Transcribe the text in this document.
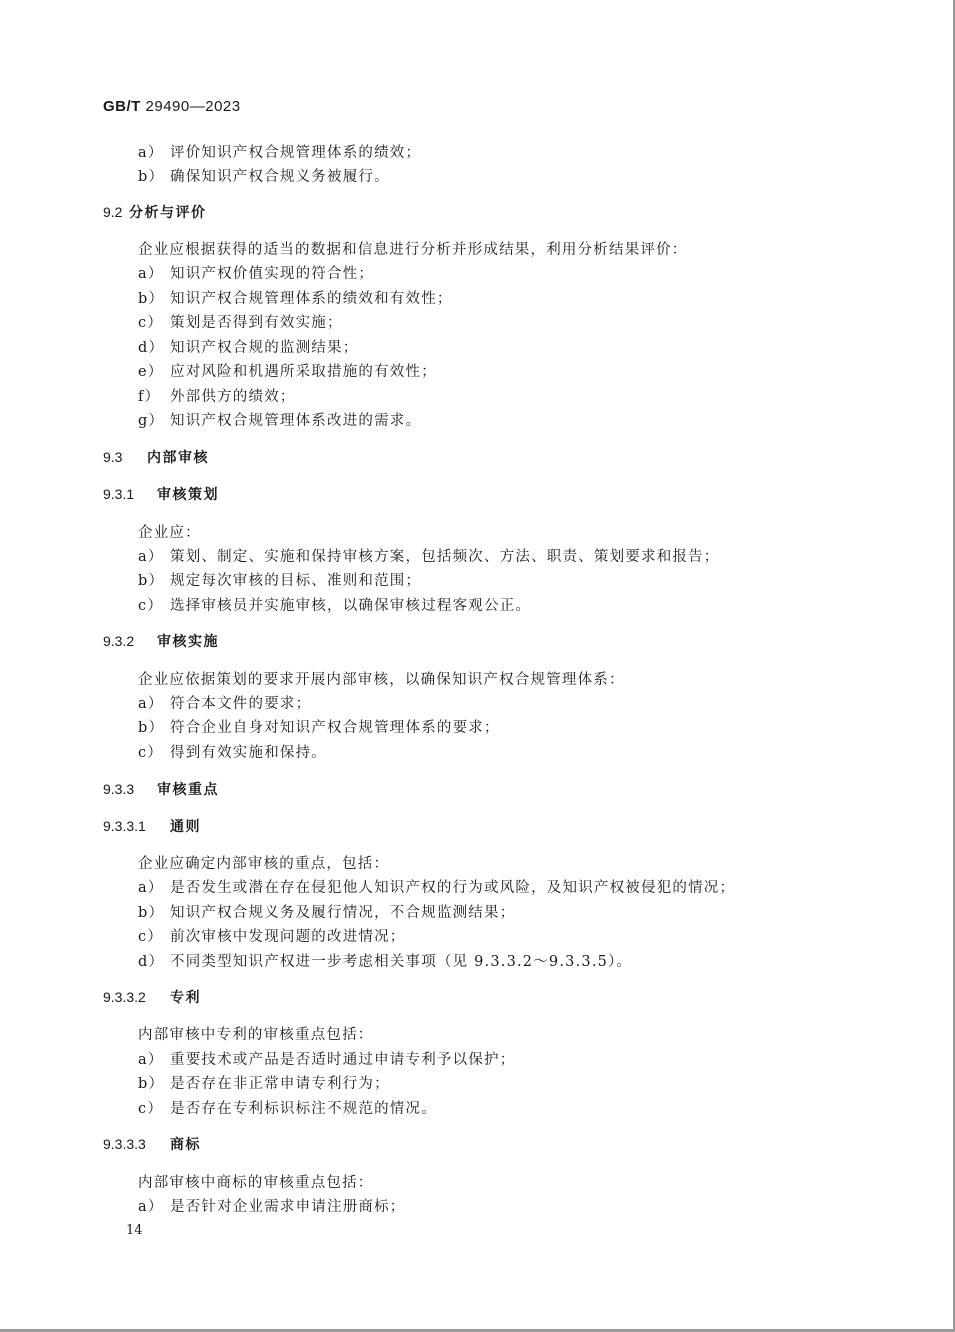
GB/T 29490—2023
a） 评价知识产权合规管理体系的绩效；
b） 确保知识产权合规义务被履行。
9.2 分析与评价
企业应根据获得的适当的数据和信息进行分析并形成结果，利用分析结果评价：
a） 知识产权价值实现的符合性；
b） 知识产权合规管理体系的绩效和有效性；
c） 策划是否得到有效实施；
d） 知识产权合规的监测结果；
e） 应对风险和机遇所采取措施的有效性；
f） 外部供方的绩效；
g） 知识产权合规管理体系改进的需求。
9.3 内部审核
9.3.1 审核策划
企业应：
a） 策划、制定、实施和保持审核方案，包括频次、方法、职责、策划要求和报告；
b） 规定每次审核的目标、准则和范围；
c） 选择审核员并实施审核，以确保审核过程客观公正。
9.3.2 审核实施
企业应依据策划的要求开展内部审核，以确保知识产权合规管理体系：
a） 符合本文件的要求；
b） 符合企业自身对知识产权合规管理体系的要求；
c） 得到有效实施和保持。
9.3.3 审核重点
9.3.3.1 通则
企业应确定内部审核的重点，包括：
a） 是否发生或潜在存在侵犯他人知识产权的行为或风险，及知识产权被侵犯的情况；
b） 知识产权合规义务及履行情况，不合规监测结果；
c） 前次审核中发现问题的改进情况；
d） 不同类型知识产权进一步考虑相关事项（见 9.3.3.2～9.3.3.5）。
9.3.3.2 专利
内部审核中专利的审核重点包括：
a） 重要技术或产品是否适时通过申请专利予以保护；
b） 是否存在非正常申请专利行为；
c） 是否存在专利标识标注不规范的情况。
9.3.3.3 商标
内部审核中商标的审核重点包括：
a） 是否针对企业需求申请注册商标；
14
